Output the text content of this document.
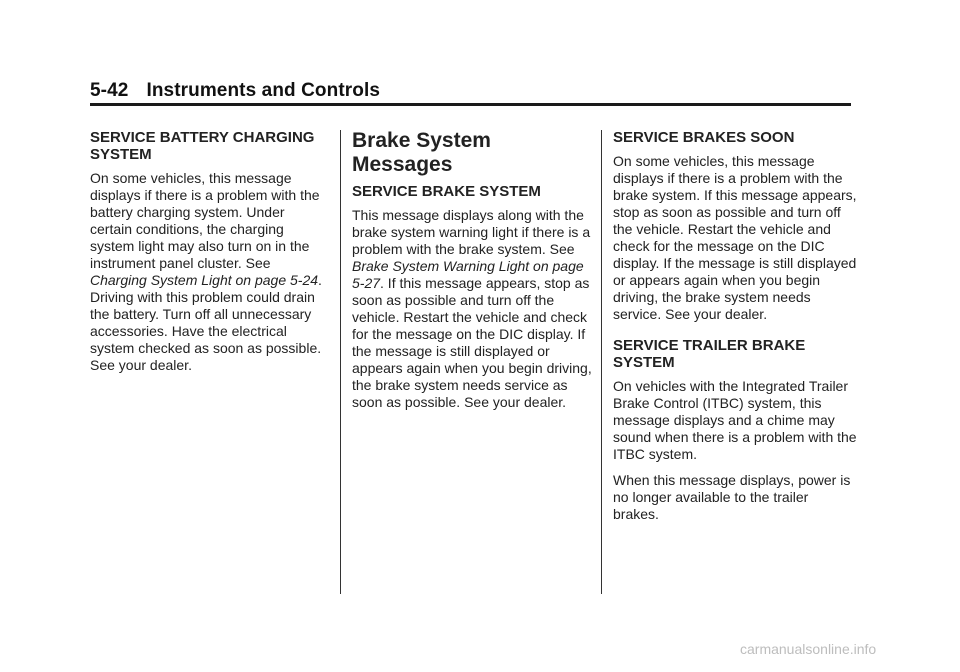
5-42 Instruments and Controls
SERVICE BATTERY CHARGING SYSTEM

On some vehicles, this message displays if there is a problem with the battery charging system. Under certain conditions, the charging system light may also turn on in the instrument panel cluster. See Charging System Light on page 5-24. Driving with this problem could drain the battery. Turn off all unnecessary accessories. Have the electrical system checked as soon as possible. See your dealer.

Brake System Messages
SERVICE BRAKE SYSTEM

This message displays along with the brake system warning light if there is a problem with the brake system. See Brake System Warning Light on page 5-27. If this message appears, stop as soon as possible and turn off the vehicle. Restart the vehicle and check for the message on the DIC display. If the message is still displayed or appears again when you begin driving, the brake system needs service as soon as possible. See your dealer.

SERVICE BRAKES SOON

On some vehicles, this message displays if there is a problem with the brake system. If this message appears, stop as soon as possible and turn off the vehicle. Restart the vehicle and check for the message on the DIC display. If the message is still displayed or appears again when you begin driving, the brake system needs service. See your dealer.

SERVICE TRAILER BRAKE SYSTEM

On vehicles with the Integrated Trailer Brake Control (ITBC) system, this message displays and a chime may sound when there is a problem with the ITBC system.

When this message displays, power is no longer available to the trailer brakes.

carmanualsonline.info
